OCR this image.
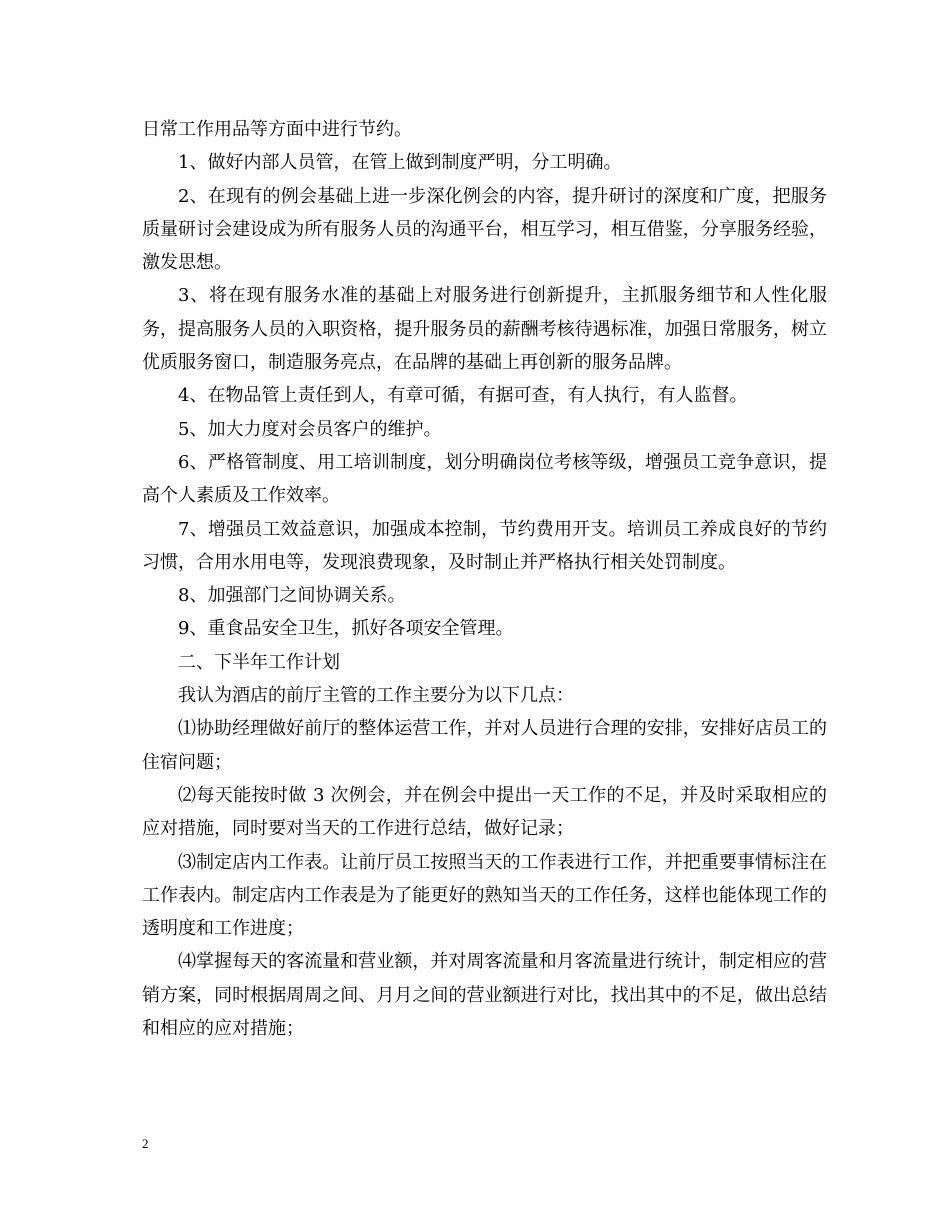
日常工作用品等方面中进行节约。

1、做好内部人员管，在管上做到制度严明，分工明确。

2、在现有的例会基础上进一步深化例会的内容，提升研讨的深度和广度，把服务质量研讨会建设成为所有服务人员的沟通平台，相互学习，相互借鉴，分享服务经验，激发思想。

3、将在现有服务水准的基础上对服务进行创新提升，主抓服务细节和人性化服务，提高服务人员的入职资格，提升服务员的薪酬考核待遇标准，加强日常服务，树立优质服务窗口，制造服务亮点，在品牌的基础上再创新的服务品牌。

4、在物品管上责任到人，有章可循，有据可查，有人执行，有人监督。

5、加大力度对会员客户的维护。

6、严格管制度、用工培训制度，划分明确岗位考核等级，增强员工竞争意识，提高个人素质及工作效率。

7、增强员工效益意识，加强成本控制，节约费用开支。培训员工养成良好的节约习惯，合用水用电等，发现浪费现象，及时制止并严格执行相关处罚制度。

8、加强部门之间协调关系。

9、重食品安全卫生，抓好各项安全管理。

二、下半年工作计划

我认为酒店的前厅主管的工作主要分为以下几点：

⑴协助经理做好前厅的整体运营工作，并对人员进行合理的安排，安排好店员工的住宿问题；

⑵每天能按时做 3 次例会，并在例会中提出一天工作的不足，并及时采取相应的应对措施，同时要对当天的工作进行总结，做好记录；

⑶制定店内工作表。让前厅员工按照当天的工作表进行工作，并把重要事情标注在工作表内。制定店内工作表是为了能更好的熟知当天的工作任务，这样也能体现工作的透明度和工作进度；

⑷掌握每天的客流量和营业额，并对周客流量和月客流量进行统计，制定相应的营销方案，同时根据周周之间、月月之间的营业额进行对比，找出其中的不足，做出总结和相应的应对措施；

2
